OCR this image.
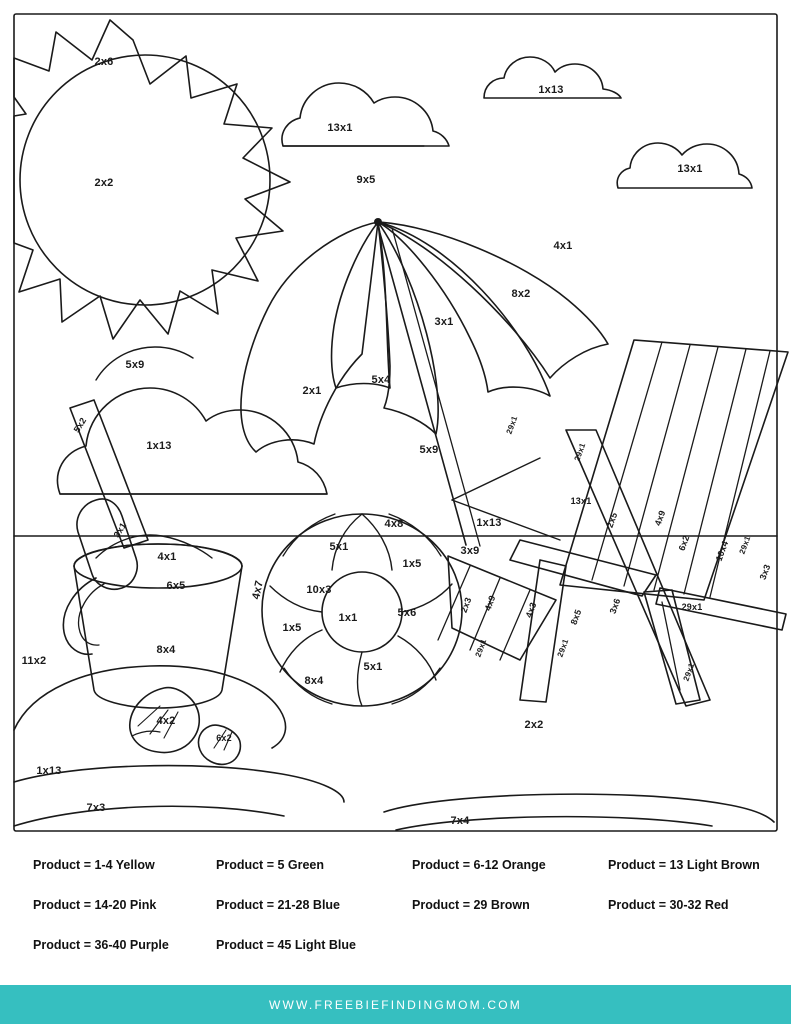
2x6
2x2
13x1
1x13
13x1
9x5
4x1
8x2
3x1
5x4
2x1
5x9
5x9
1x13
5x2
3x1
4x1
6x5
8x4
11x2
4x7
4x8
5x1
1x5
10x3
1x1	5x6
1x5
8x4
5x1
1x13
3x9
2x3 4x9	4x3
29x1	29x1
8x5
3x6
29x1
29x1
13x1
2x5	4x9
6x2 10x4 29x1
3x3
29x1
29x1
2x2
4x2
6x2
1x13
7x3
7x4
Product = 1-4 Yellow	Product = 5 Green	Product = 6-12 Orange	Product = 13 Light Brown
Product = 14-20 Pink	Product = 21-28 Blue	Product = 29 Brown	Product = 30-32 Red
Product = 36-40 Purple	Product = 45 Light Blue
WWW.FREEBIEFINDINGMOM.COM
